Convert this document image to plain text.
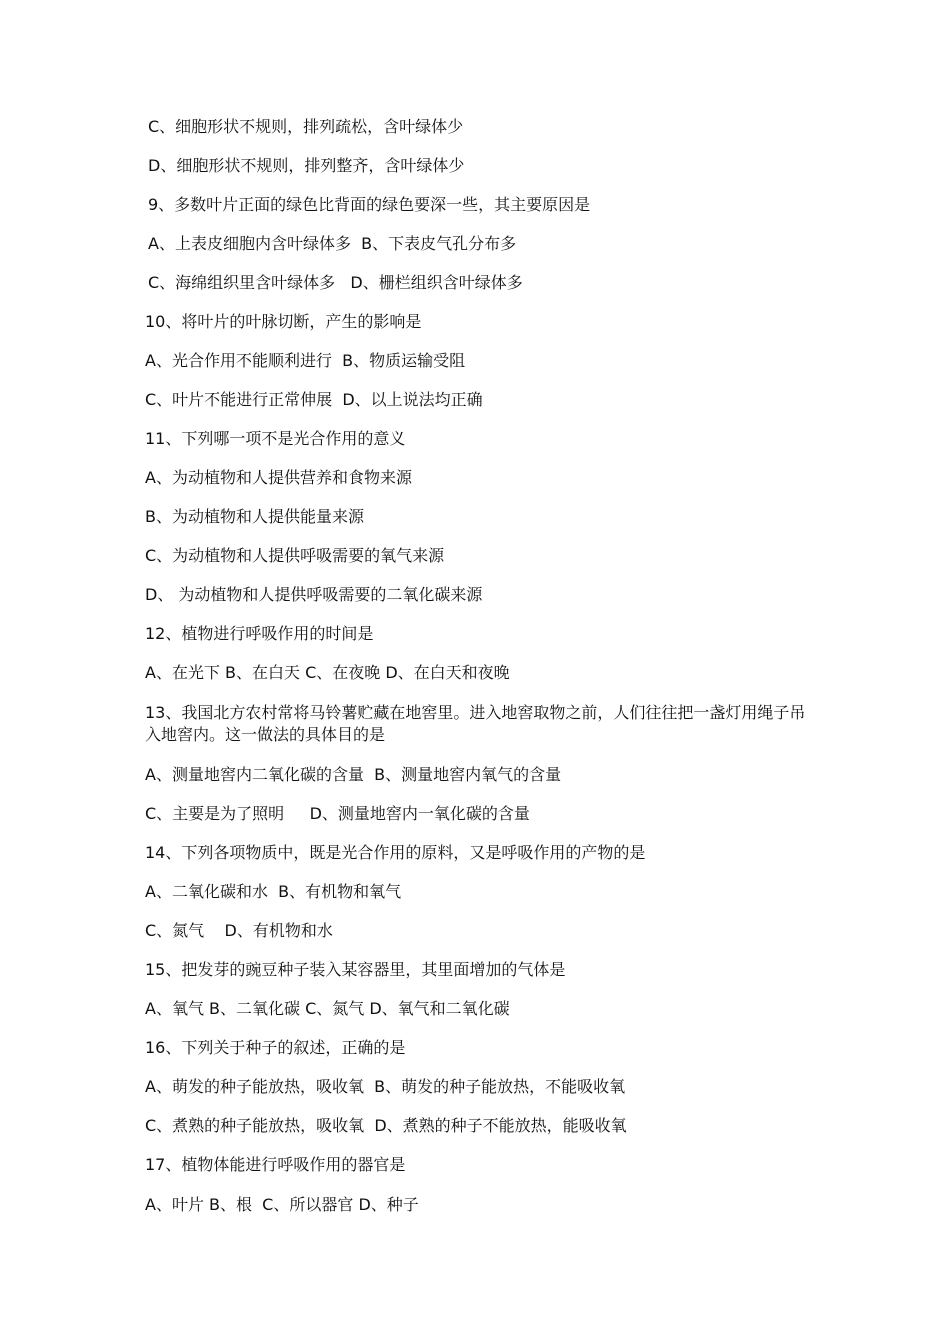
C、细胞形状不规则，排列疏松，含叶绿体少
D、细胞形状不规则，排列整齐，含叶绿体少
9、多数叶片正面的绿色比背面的绿色要深一些，其主要原因是
A、上表皮细胞内含叶绿体多  B、下表皮气孔分布多
C、海绵组织里含叶绿体多   D、栅栏组织含叶绿体多
10、将叶片的叶脉切断，产生的影响是
A、光合作用不能顺利进行  B、物质运输受阻
C、叶片不能进行正常伸展  D、以上说法均正确
11、下列哪一项不是光合作用的意义
A、为动植物和人提供营养和食物来源
B、为动植物和人提供能量来源
C、为动植物和人提供呼吸需要的氧气来源
D、 为动植物和人提供呼吸需要的二氧化碳来源
12、植物进行呼吸作用的时间是
A、在光下 B、在白天 C、在夜晚 D、在白天和夜晚
13、我国北方农村常将马铃薯贮藏在地窖里。进入地窖取物之前，人们往往把一盏灯用绳子吊入地窖内。这一做法的具体目的是
A、测量地窖内二氧化碳的含量  B、测量地窖内氧气的含量
C、主要是为了照明     D、测量地窖内一氧化碳的含量
14、下列各项物质中，既是光合作用的原料，又是呼吸作用的产物的是
A、二氧化碳和水  B、有机物和氧气
C、氮气    D、有机物和水
15、把发芽的豌豆种子装入某容器里，其里面增加的气体是
A、氧气 B、二氧化碳 C、氮气 D、氧气和二氧化碳
16、下列关于种子的叙述，正确的是
A、萌发的种子能放热，吸收氧  B、萌发的种子能放热，不能吸收氧
C、煮熟的种子能放热，吸收氧  D、煮熟的种子不能放热，能吸收氧
17、植物体能进行呼吸作用的器官是
A、叶片 B、根  C、所以器官 D、种子
